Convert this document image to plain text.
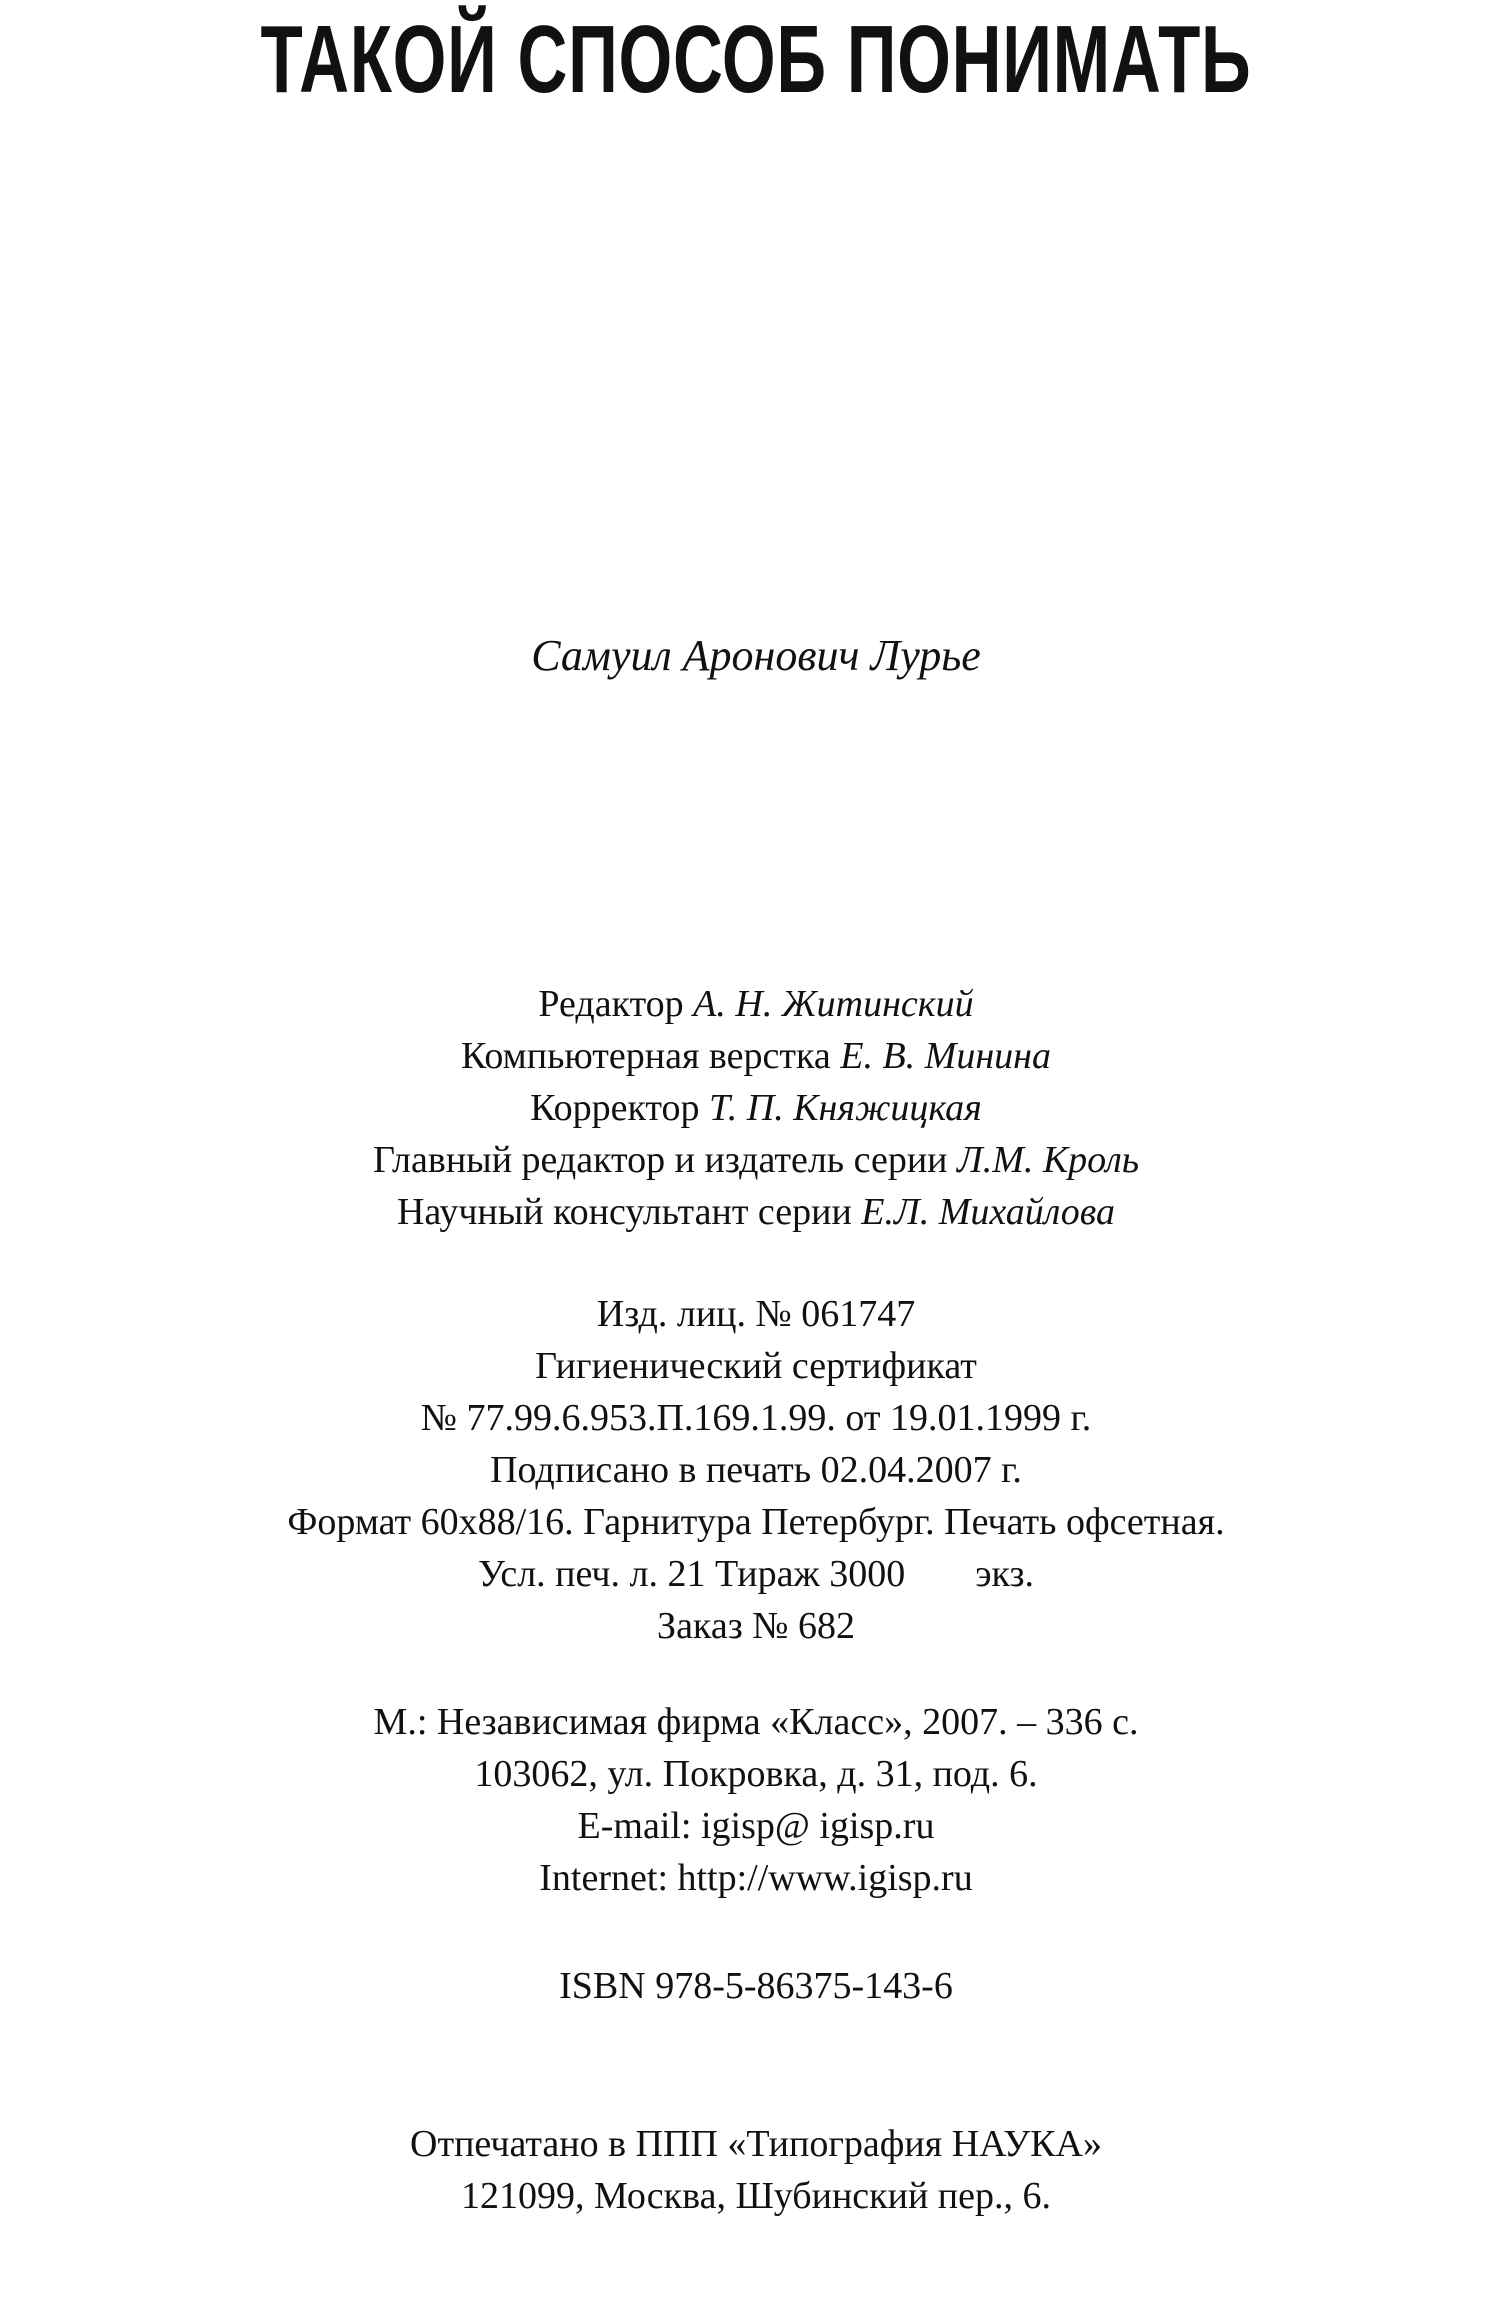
Самуил Аронович Лурье
ТАКОЙ СПОСОБ ПОНИМАТЬ
Редактор А. Н. Житинский
Компьютерная верстка Е. В. Минина
Корректор Т. П. Княжицкая
Главный редактор и издатель серии Л.М. Кроль
Научный консультант серии Е.Л. Михайлова
Изд. лиц. № 061747
Гигиенический сертификат
№ 77.99.6.953.П.169.1.99. от 19.01.1999 г.
Подписано в печать 02.04.2007 г.
Формат 60х88/16. Гарнитура Петербург. Печать офсетная.
Усл. печ. л. 21 Тираж 3000 экз.
Заказ № 682
М.: Независимая фирма «Класс», 2007. – 336 с.
103062, ул. Покровка, д. 31, под. 6.
E-mail: igisp@ igisp.ru
Internet: http://www.igisp.ru
ISBN 978-5-86375-143-6
Отпечатано в ППП «Типография НАУКА»
121099, Москва, Шубинский пер., 6.
